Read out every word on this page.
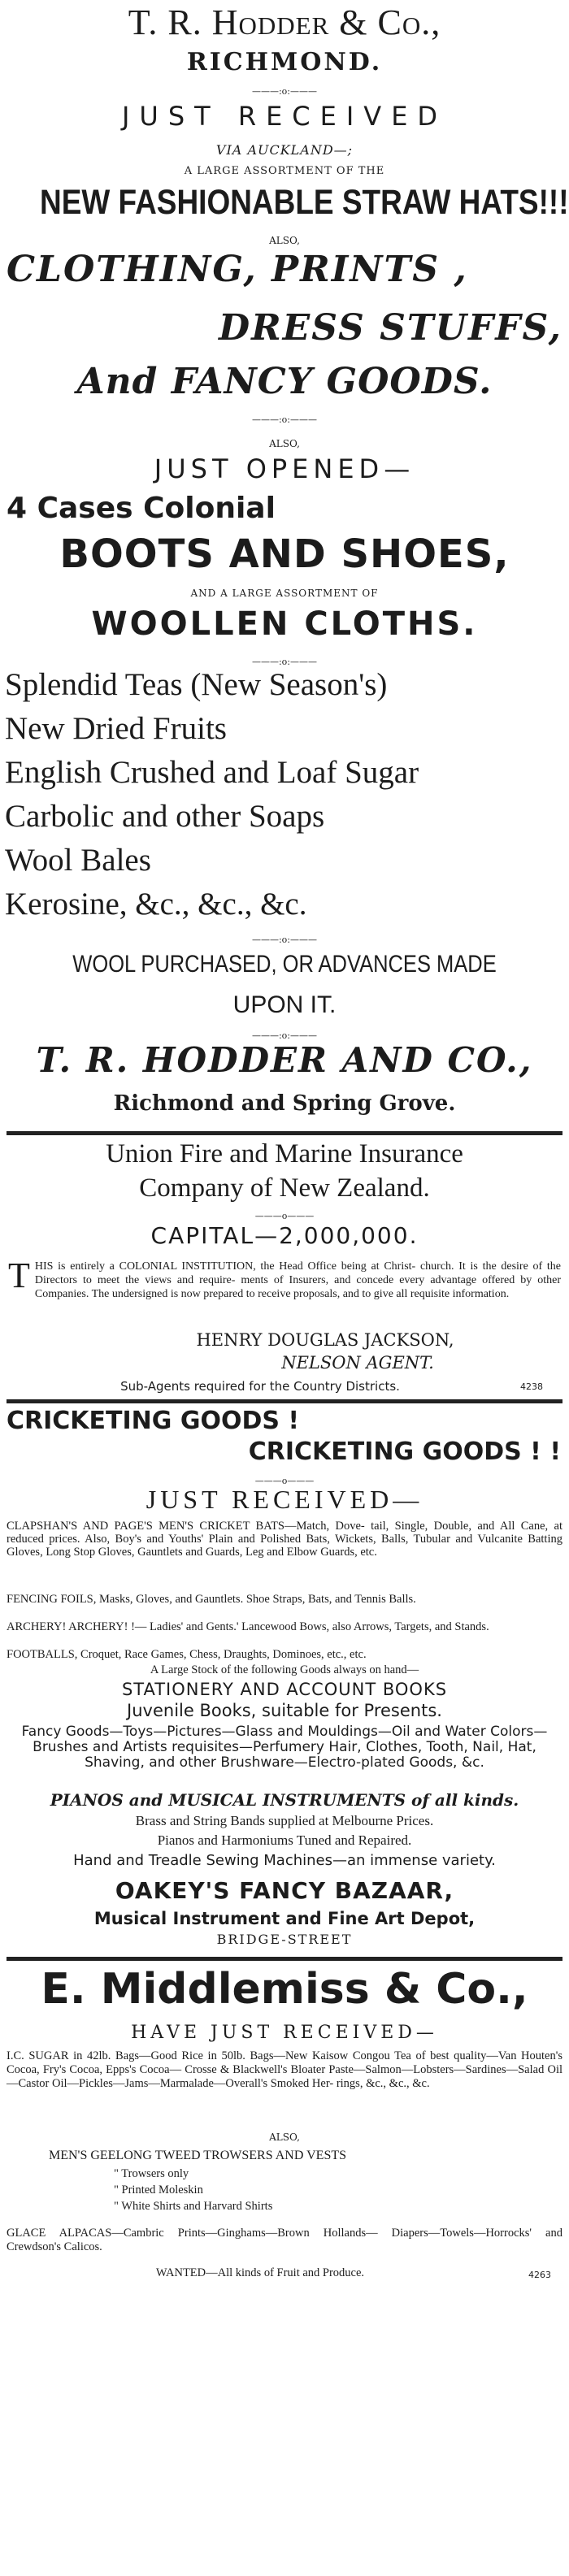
T. R. Hodder & Co.,
RICHMOND.
———:o:———
JUST RECEIVED
VIA AUCKLAND—;
A LARGE ASSORTMENT OF THE
NEW FASHIONABLE STRAW HATS!!!
ALSO,
CLOTHING, PRINTS ,
DRESS STUFFS,
And FANCY GOODS.
———:o:———
ALSO,
JUST OPENED—
4 Cases Colonial
BOOTS AND SHOES,
AND A LARGE ASSORTMENT OF
WOOLLEN CLOTHS.
———:o:———
Splendid Teas (New Season's)
New Dried Fruits
English Crushed and Loaf Sugar
Carbolic and other Soaps
Wool Bales
Kerosine, &c., &c., &c.
———:o:———
WOOL PURCHASED, OR ADVANCES MADE
UPON IT.
———:o:———
T. R. HODDER AND CO.,
Richmond and Spring Grove.
Union Fire and Marine Insurance
Company of New Zealand.
———o———
CAPITAL—2,000,000.
T HIS is entirely a COLONIAL INSTITUTION, the Head Office being at Christ- church. It is the desire of the Directors to meet the views and require- ments of Insurers, and concede every advantage offered by other Companies. The undersigned is now prepared to receive proposals, and to give all requisite information.
HENRY DOUGLAS JACKSON,
NELSON AGENT.
Sub-Agents required for the Country Districts.	4238
CRICKETING GOODS !
CRICKETING GOODS ! !
———o———
JUST RECEIVED—
CLAPSHAN'S AND PAGE'S MEN'S CRICKET BATS—Match, Dove- tail, Single, Double, and All Cane, at reduced prices. Also, Boy's and Youths' Plain and Polished Bats, Wickets, Balls, Tubular and Vulcanite Batting Gloves, Long Stop Gloves, Gauntlets and Guards, Leg and Elbow Guards, etc.
FENCING FOILS, Masks, Gloves, and Gauntlets. Shoe Straps, Bats, and Tennis Balls.
ARCHERY! ARCHERY! !— Ladies' and Gents.' Lancewood Bows, also Arrows, Targets, and Stands.
FOOTBALLS, Croquet, Race Games, Chess, Draughts, Dominoes, etc., etc.
A Large Stock of the following Goods always on hand—
STATIONERY AND ACCOUNT BOOKS
Juvenile Books, suitable for Presents.
Fancy Goods—Toys—Pictures—Glass and Mouldings—Oil and Water Colors—Brushes and Artists requisites—Perfumery Hair, Clothes, Tooth, Nail, Hat, Shaving, and other Brushware—Electro-plated Goods, &c.
PIANOS and MUSICAL INSTRUMENTS of all kinds.
Brass and String Bands supplied at Melbourne Prices.
Pianos and Harmoniums Tuned and Repaired.
Hand and Treadle Sewing Machines—an immense variety.
OAKEY'S FANCY BAZAAR,
Musical Instrument and Fine Art Depot,
BRIDGE-STREET
E. Middlemiss & Co.,
HAVE JUST RECEIVED—
I.C. SUGAR in 42lb. Bags—Good Rice in 50lb. Bags—New Kaisow Congou Tea of best quality—Van Houten's Cocoa, Fry's Cocoa, Epps's Cocoa— Crosse & Blackwell's Bloater Paste—Salmon—Lobsters—Sardines—Salad Oil—Castor Oil—Pickles—Jams—Marmalade—Overall's Smoked Her- rings, &c., &c., &c.
ALSO,
MEN'S GEELONG TWEED TROWSERS AND VESTS
" Trowsers only
" Printed Moleskin
" White Shirts and Harvard Shirts
GLACE ALPACAS—Cambric Prints—Ginghams—Brown Hollands— Diapers—Towels—Horrocks' and Crewdson's Calicos.
WANTED—All kinds of Fruit and Produce.	4263
